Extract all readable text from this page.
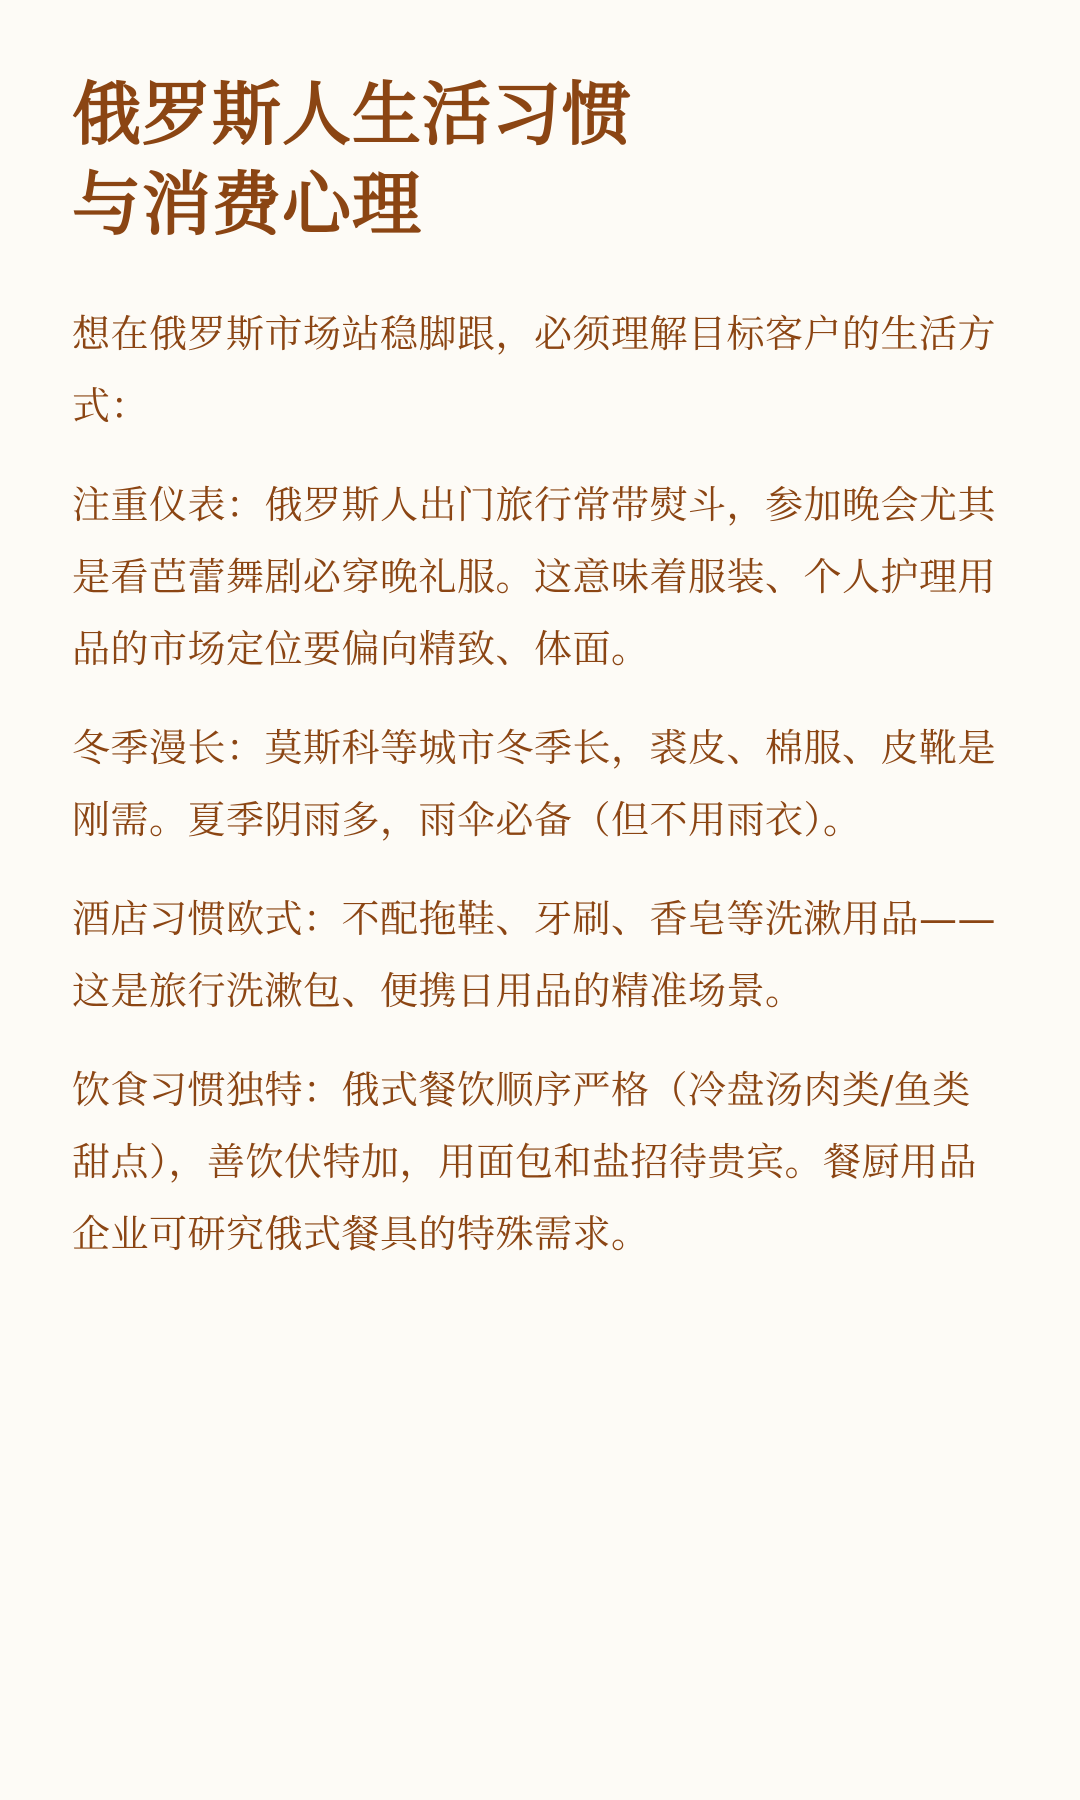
俄罗斯人生活习惯
与消费心理

想在俄罗斯市场站稳脚跟，必须理解目标客户的生活方式：

注重仪表：俄罗斯人出门旅行常带熨斗，参加晚会尤其是看芭蕾舞剧必穿晚礼服。这意味着服装、个人护理用品的市场定位要偏向精致、体面。

冬季漫长：莫斯科等城市冬季长，裘皮、棉服、皮靴是刚需。夏季阴雨多，雨伞必备（但不用雨衣）。

酒店习惯欧式：不配拖鞋、牙刷、香皂等洗漱用品——这是旅行洗漱包、便携日用品的精准场景。

饮食习惯独特：俄式餐饮顺序严格（冷盘汤肉类/鱼类甜点），善饮伏特加，用面包和盐招待贵宾。餐厨用品企业可研究俄式餐具的特殊需求。
